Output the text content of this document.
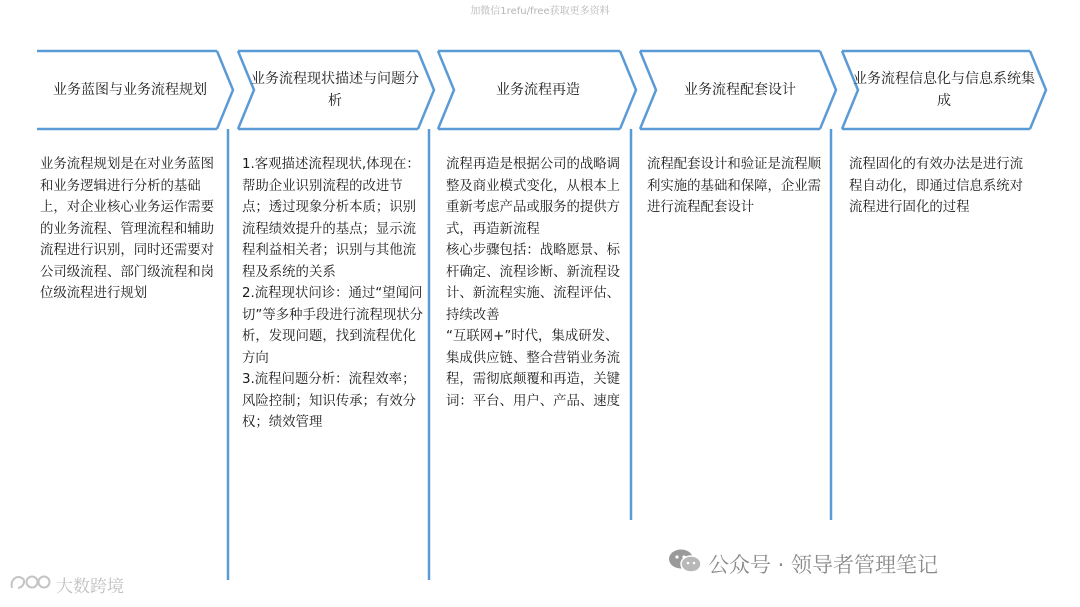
加微信1refu/free获取更多资料
业务蓝图与业务流程规划
业务流程现状描述与问题分析
业务流程再造	业务流程配套设计
业务流程信息化与信息系统集成
业务流程规划是在对业务蓝图和业务逻辑进行分析的基础上，对企业核心业务运作需要的业务流程、管理流程和辅助流程进行识别，同时还需要对公司级流程、部门级流程和岗位级流程进行规划
1.客观描述流程现状,体现在：帮助企业识别流程的改进节点；透过现象分析本质；识别流程绩效提升的基点；显示流程利益相关者；识别与其他流程及系统的关系
2.流程现状问诊：通过“望闻问切”等多种手段进行流程现状分析，发现问题，找到流程优化方向
3.流程问题分析：流程效率；风险控制；知识传承；有效分权；绩效管理
流程再造是根据公司的战略调整及商业模式变化，从根本上重新考虑产品或服务的提供方式，再造新流程
核心步骤包括：战略愿景、标杆确定、流程诊断、新流程设计、新流程实施、流程评估、持续改善
“互联网+”时代，集成研发、集成供应链、整合营销业务流程，需彻底颠覆和再造，关键词：平台、用户、产品、速度
流程配套设计和验证是流程顺利实施的基础和保障，企业需进行流程配套设计
流程固化的有效办法是进行流程自动化，即通过信息系统对流程进行固化的过程
公众号 · 领导者管理笔记
大数跨境
